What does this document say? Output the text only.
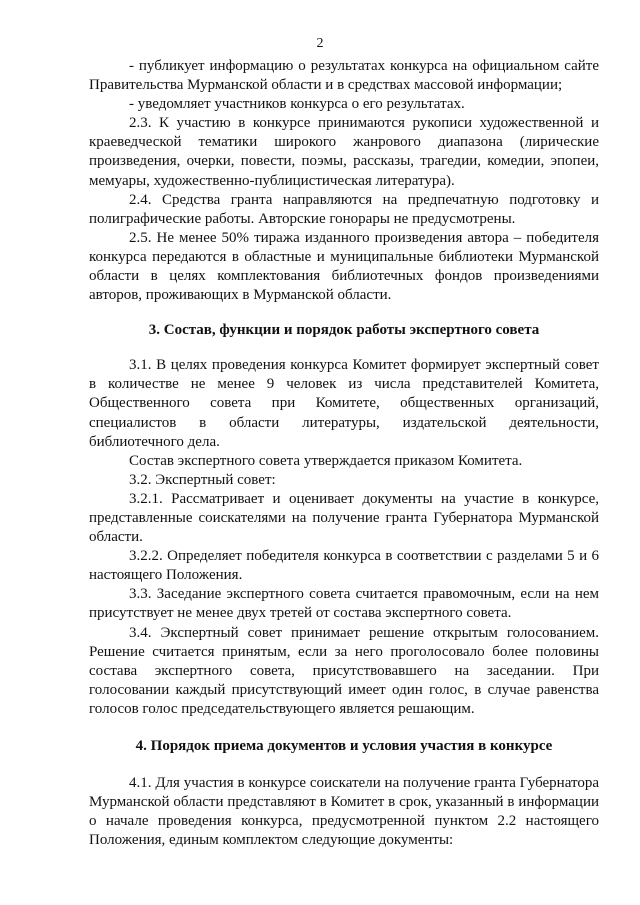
2

- публикует информацию о результатах конкурса на официальном сайте Правительства Мурманской области и в средствах массовой информации;

- уведомляет участников конкурса о его результатах.

2.3. К участию в конкурсе принимаются рукописи художественной и краеведческой тематики широкого жанрового диапазона (лирические произведения, очерки, повести, поэмы, рассказы, трагедии, комедии, эпопеи, мемуары, художественно-публицистическая литература).

2.4. Средства гранта направляются на предпечатную подготовку и полиграфические работы. Авторские гонорары не предусмотрены.

2.5. Не менее 50% тиража изданного произведения автора – победителя конкурса передаются в областные и муниципальные библиотеки Мурманской области в целях комплектования библиотечных фондов произведениями авторов, проживающих в Мурманской области.

3. Состав, функции и порядок работы экспертного совета

3.1. В целях проведения конкурса Комитет формирует экспертный совет в количестве не менее 9 человек из числа представителей Комитета, Общественного совета при Комитете, общественных организаций, специалистов в области литературы, издательской деятельности, библиотечного дела.

Состав экспертного совета утверждается приказом Комитета.

3.2. Экспертный совет:

3.2.1. Рассматривает и оценивает документы на участие в конкурсе, представленные соискателями на получение гранта Губернатора Мурманской области.

3.2.2. Определяет победителя конкурса в соответствии с разделами 5 и 6 настоящего Положения.

3.3. Заседание экспертного совета считается правомочным, если на нем присутствует не менее двух третей от состава экспертного совета.

3.4. Экспертный совет принимает решение открытым голосованием. Решение считается принятым, если за него проголосовало более половины состава экспертного совета, присутствовавшего на заседании. При голосовании каждый присутствующий имеет один голос, в случае равенства голосов голос председательствующего является решающим.

4. Порядок приема документов и условия участия в конкурсе

4.1. Для участия в конкурсе соискатели на получение гранта Губернатора Мурманской области представляют в Комитет в срок, указанный в информации о начале проведения конкурса, предусмотренной пунктом 2.2 настоящего Положения, единым комплектом следующие документы:
